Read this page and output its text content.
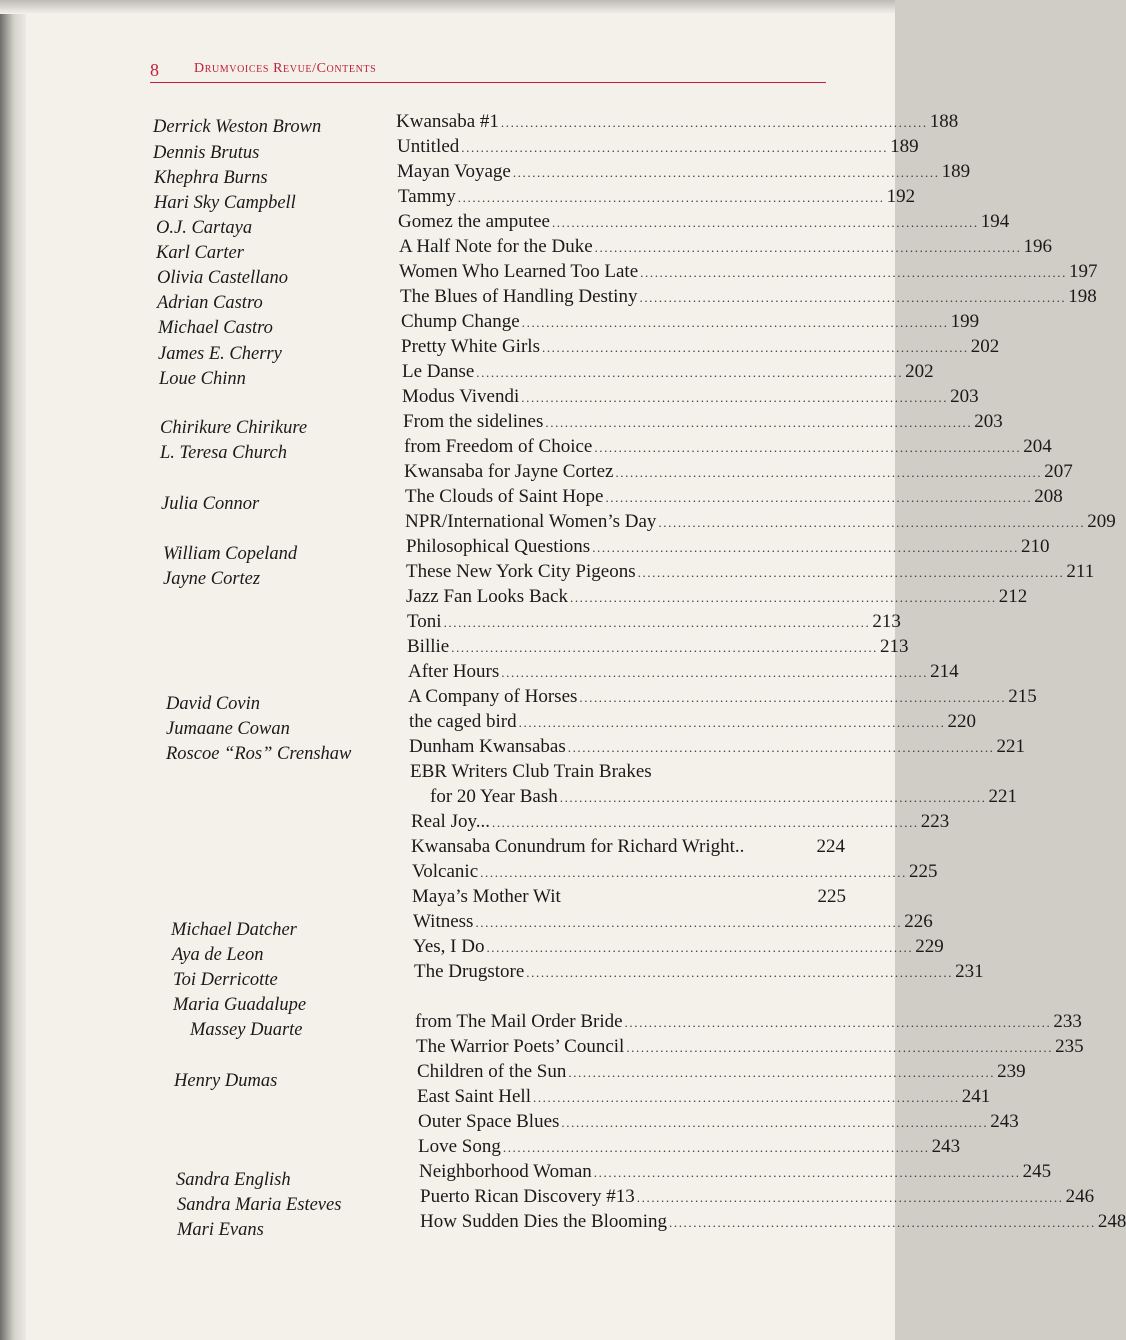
8	Drumvoices Revue/Contents
Derrick Weston Brown
Dennis Brutus
Khephra Burns
Hari Sky Campbell
O.J. Cartaya
Karl Carter
Olivia Castellano
Adrian Castro
Michael Castro
James E. Cherry
Loue Chinn
Chirikure Chirikure
L. Teresa Church
Julia Connor
William Copeland
Jayne Cortez
David Covin
Jumaane Cowan
Roscoe “Ros” Crenshaw
Michael Datcher
Aya de Leon
Toi Derricotte
Maria Guadalupe
Massey Duarte
Henry Dumas
Sandra English
Sandra Maria Esteves
Mari Evans
Kwansaba #1 ........................................................................................ 188
Untitled ........................................................................................ 189
Mayan Voyage ........................................................................................ 189
Tammy ........................................................................................ 192
Gomez the amputee ........................................................................................ 194
A Half Note for the Duke ........................................................................................ 196
Women Who Learned Too Late ........................................................................................ 197
The Blues of Handling Destiny ........................................................................................ 198
Chump Change ........................................................................................ 199
Pretty White Girls ........................................................................................ 202
Le Danse ........................................................................................ 202
Modus Vivendi ........................................................................................ 203
From the sidelines ........................................................................................ 203
from Freedom of Choice ........................................................................................ 204
Kwansaba for Jayne Cortez ........................................................................................ 207
The Clouds of Saint Hope ........................................................................................ 208
NPR/International Women’s Day ........................................................................................ 209
Philosophical Questions ........................................................................................ 210
These New York City Pigeons ........................................................................................ 211
Jazz Fan Looks Back ........................................................................................ 212
Toni ........................................................................................ 213
Billie ........................................................................................ 213
After Hours ........................................................................................ 214
A Company of Horses ........................................................................................ 215
the caged bird ........................................................................................ 220
Dunham Kwansabas ........................................................................................ 221
EBR Writers Club Train Brakes
for 20 Year Bash ........................................................................................ 221
Real Joy... ........................................................................................ 223
Kwansaba Conundrum for Richard Wright..	224
Volcanic ........................................................................................ 225
Maya’s Mother Wit	225
Witness ........................................................................................ 226
Yes, I Do ........................................................................................ 229
The Drugstore ........................................................................................ 231
from The Mail Order Bride ........................................................................................ 233
The Warrior Poets’ Council ........................................................................................ 235
Children of the Sun ........................................................................................ 239
East Saint Hell ........................................................................................ 241
Outer Space Blues ........................................................................................ 243
Love Song ........................................................................................ 243
Neighborhood Woman ........................................................................................ 245
Puerto Rican Discovery #13 ........................................................................................ 246
How Sudden Dies the Blooming ........................................................................................ 248
